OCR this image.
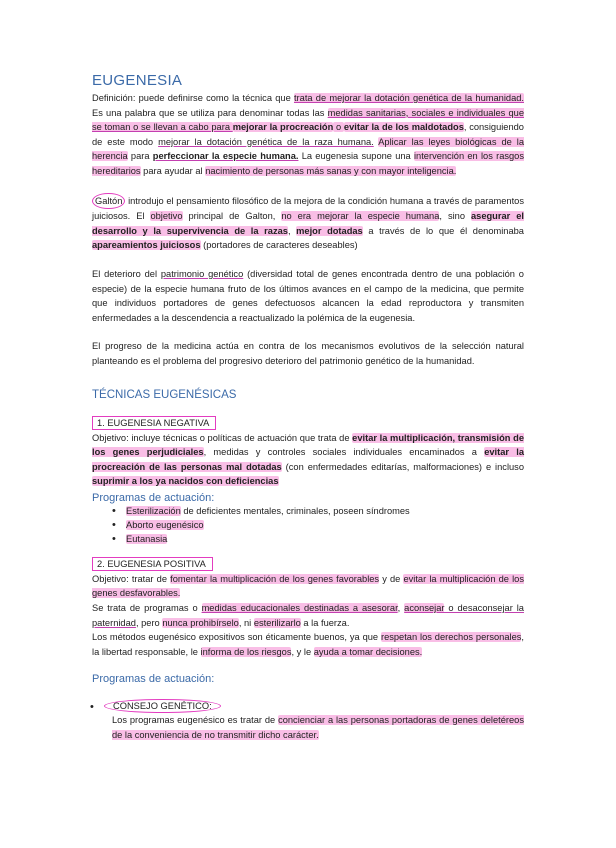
EUGENESIA

Definición: puede definirse como la técnica que trata de mejorar la dotación genética de la humanidad. Es una palabra que se utiliza para denominar todas las medidas sanitarias, sociales e individuales que se toman o se llevan a cabo para mejorar la procreación o evitar la de los maldotados, consiguiendo de este modo mejorar la dotación genética de la raza humana. Aplicar las leyes biológicas de la herencia para perfeccionar la especie humana. La eugenesia supone una intervención en los rasgos hereditarios para ayudar al nacimiento de personas más sanas y con mayor inteligencia.

Galtón introdujo el pensamiento filosófico de la mejora de la condición humana a través de paramentos juiciosos. El objetivo principal de Galton, no era mejorar la especie humana, sino asegurar el desarrollo y la supervivencia de la razas, mejor dotadas a través de lo que él denominaba apareamientos juiciosos (portadores de caracteres deseables)

El deterioro del patrimonio genético (diversidad total de genes encontrada dentro de una población o especie) de la especie humana fruto de los últimos avances en el campo de la medicina, que permite que individuos portadores de genes defectuosos alcancen la edad reproductora y transmiten enfermedades a la descendencia a reactualizado la polémica de la eugenesia.

El progreso de la medicina actúa en contra de los mecanismos evolutivos de la selección natural planteando es el problema del progresivo deterioro del patrimonio genético de la humanidad.

TÉCNICAS EUGENÉSICAS
1. EUGENESIA NEGATIVA

Objetivo: incluye técnicas o políticas de actuación que trata de evitar la multiplicación, transmisión de los genes perjudiciales, medidas y controles sociales individuales encaminados a evitar la procreación de las personas mal dotadas (con enfermedades editarías, malformaciones) e incluso suprimir a los ya nacidos con deficiencias

Programas de actuación:
• Esterilización de deficientes mentales, criminales, poseen síndromes
• Aborto eugenésico
• Eutanasia
2. EUGENESIA POSITIVA

Objetivo: tratar de fomentar la multiplicación de los genes favorables y de evitar la multiplicación de los genes desfavorables.
Se trata de programas o medidas educacionales destinadas a asesorar, aconsejar o desaconsejar la paternidad, pero nunca prohibírselo, ni esterilizarlo a la fuerza.
Los métodos eugenésico expositivos son éticamente buenos, ya que respetan los derechos personales, la libertad responsable, le informa de los riesgos, y le ayuda a tomar decisiones.

Programas de actuación:
• CONSEJO GENÉTICO:

Los programas eugenésico es tratar de concienciar a las personas portadoras de genes deletéreos de la conveniencia de no transmitir dicho carácter.
